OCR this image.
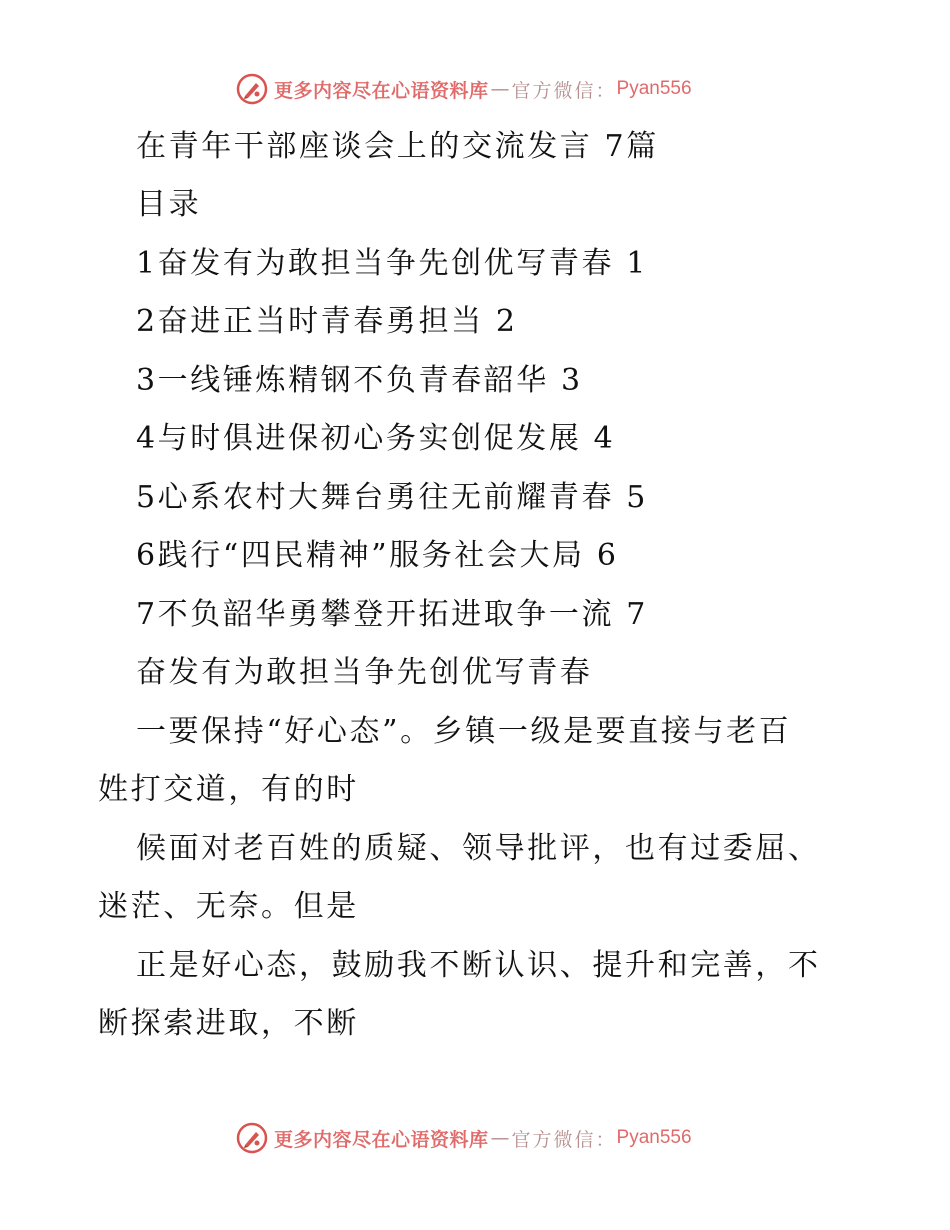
更多内容尽在心语资料库 — 官方微信： Pyan556
在青年干部座谈会上的交流发言 7篇
目录
1奋发有为敢担当争先创优写青春 1
2奋进正当时青春勇担当 2
3一线锤炼精钢不负青春韶华 3
4与时俱进保初心务实创促发展 4
5心系农村大舞台勇往无前耀青春 5
6践行“四民精神”服务社会大局 6
7不负韶华勇攀登开拓进取争一流 7
奋发有为敢担当争先创优写青春
一要保持“好心态”。乡镇一级是要直接与老百
姓打交道，有的时
候面对老百姓的质疑、领导批评，也有过委屈、
迷茫、无奈。但是
正是好心态，鼓励我不断认识、提升和完善，不
断探索进取，不断
更多内容尽在心语资料库 — 官方微信： Pyan556
